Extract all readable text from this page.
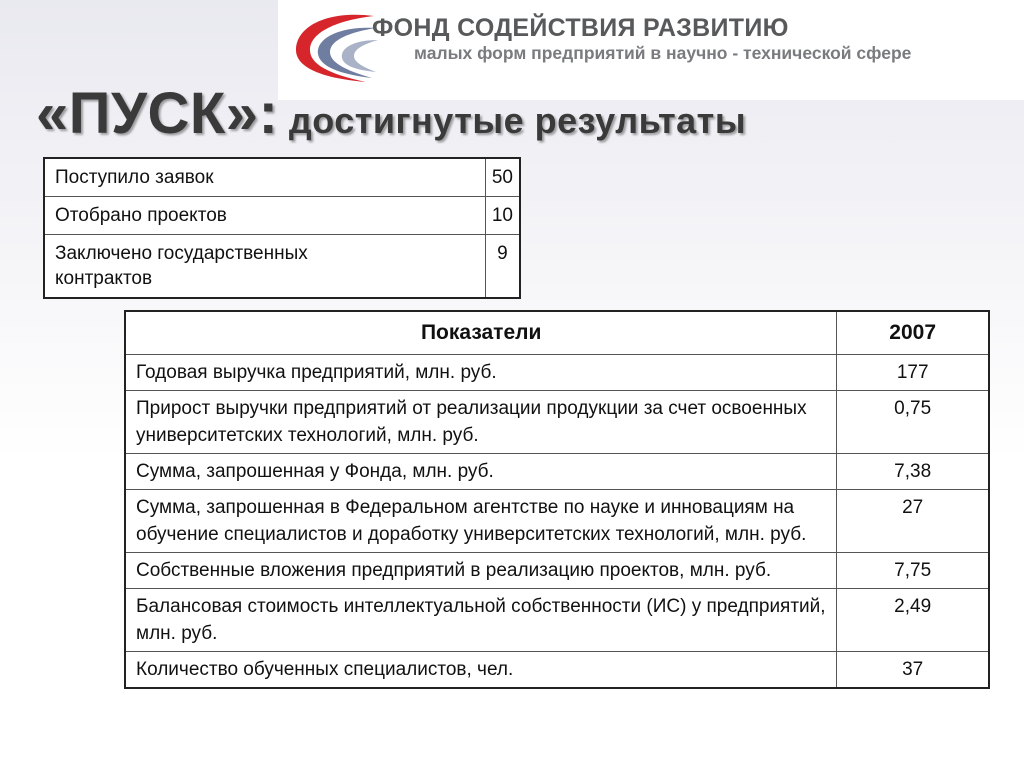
ФОНД СОДЕЙСТВИЯ РАЗВИТИЮ
малых форм предприятий в научно - технической сфере
«ПУСК»: достигнутые результаты
Поступило заявок	50
Отобрано проектов	10
Заключено государственных контрактов	9
Показатели	2007
Годовая выручка предприятий, млн. руб.	177
Прирост выручки предприятий от реализации продукции за счет освоенных университетских технологий, млн. руб.	0,75
Сумма, запрошенная у Фонда, млн. руб.	7,38
Сумма, запрошенная в Федеральном агентстве по науке и инновациям на обучение специалистов и доработку университетских технологий, млн. руб.	27
Собственные вложения предприятий в реализацию проектов, млн. руб.	7,75
Балансовая стоимость интеллектуальной собственности (ИС) у предприятий, млн. руб.	2,49
Количество обученных специалистов, чел.	37
